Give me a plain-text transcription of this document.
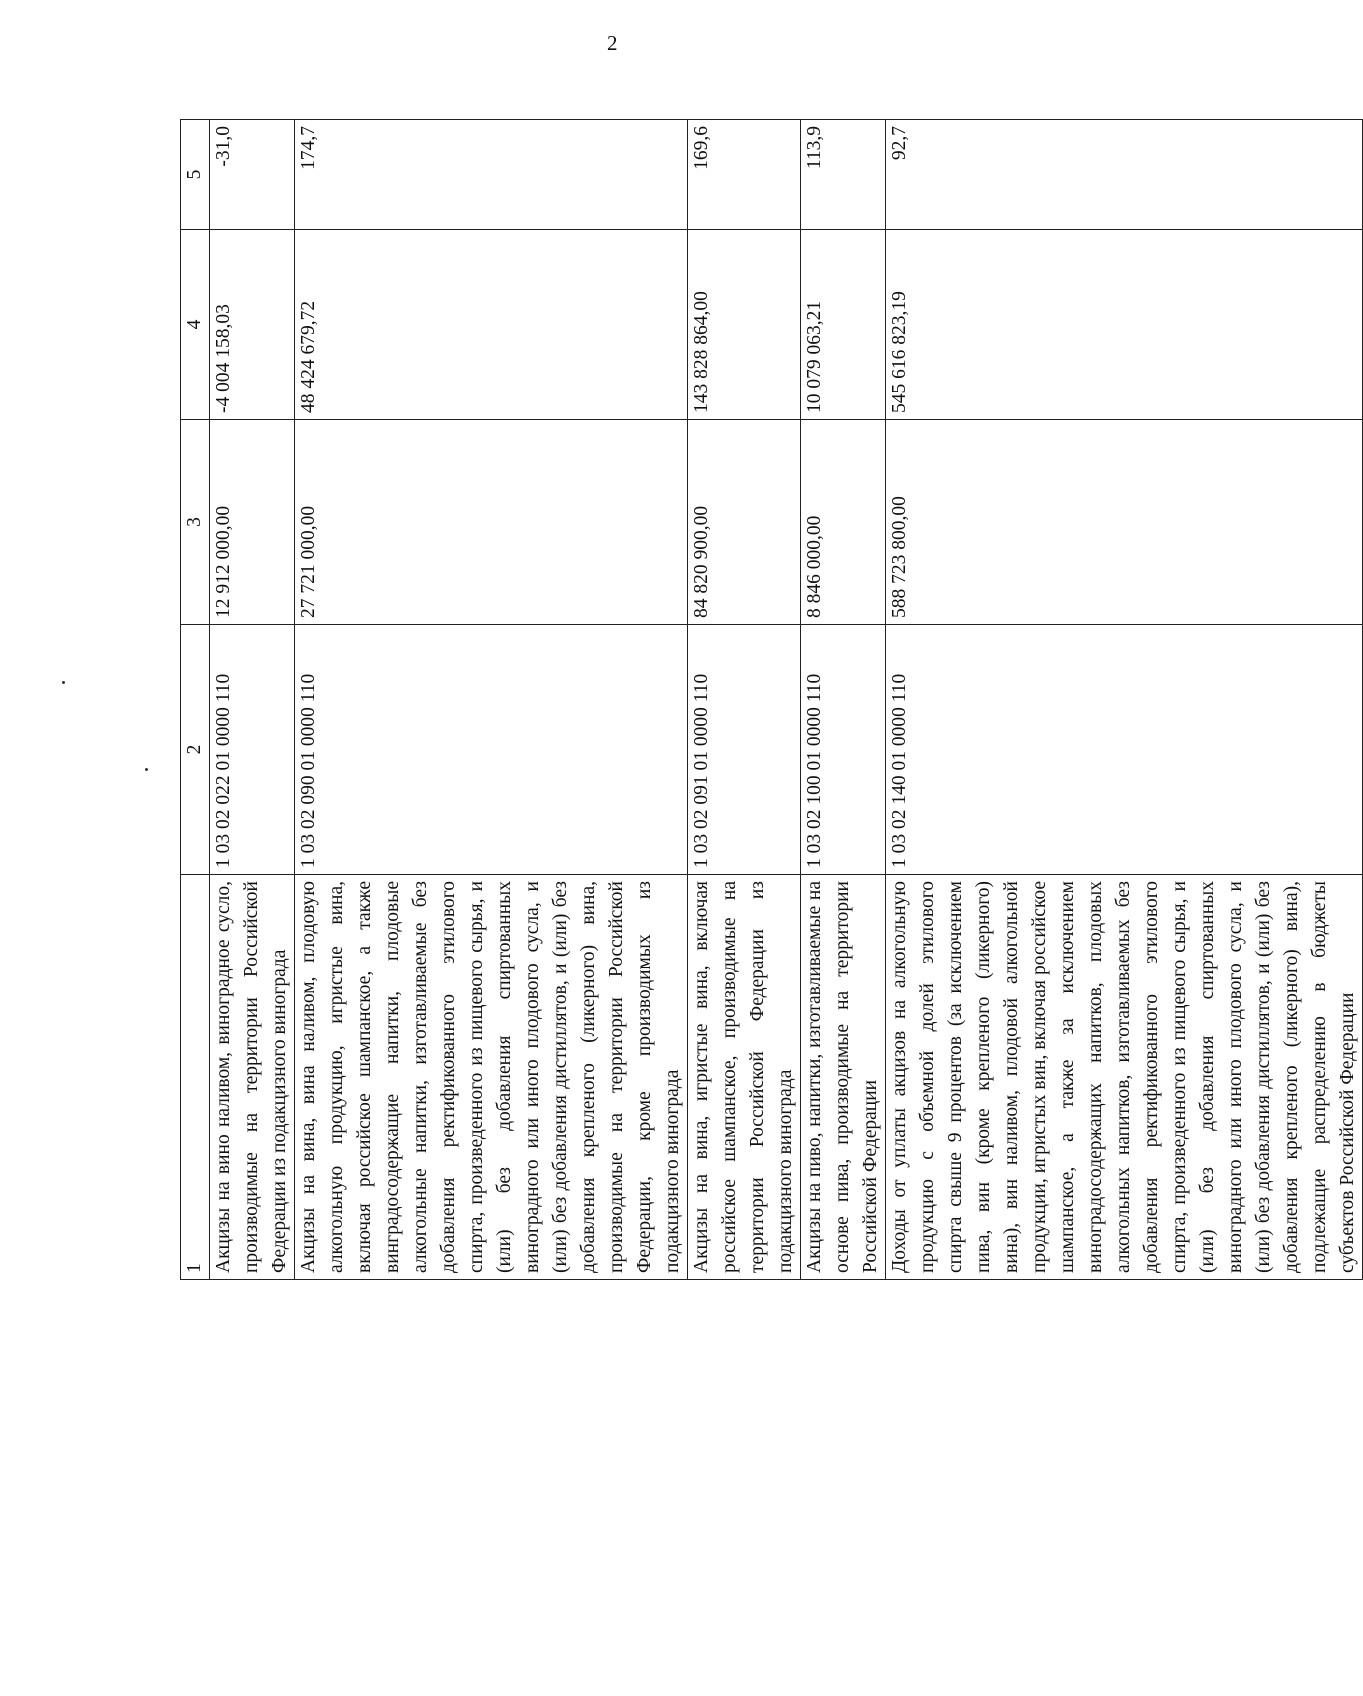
2
1	2	3	4	5
Акцизы на вино наливом, виноградное сусло, производимые на территории Российской Федерации из подакцизного винограда	1 03 02 022 01 0000 110	12 912 000,00	-4 004 158,03	-31,0
Акцизы на вина, вина наливом, плодовую алкогольную продукцию, игристые вина, включая российское шампанское, а также винградосодержащие напитки, плодовые алкогольные напитки, изготавливаемые без добавления ректификованного этилового спирта, произведенного из пищевого сырья, и (или) без добавления спиртованных виноградного или иного плодового сусла, и (или) без добавления дистиллятов, и (или) без добавления крепленого (ликерного) вина, производимые на территории Российской Федерации, кроме производимых из подакцизного винограда	1 03 02 090 01 0000 110	27 721 000,00	48 424 679,72	174,7
Акцизы на вина, игристые вина, включая российское шампанское, производимые на территории Российской Федерации из подакцизного винограда	1 03 02 091 01 0000 110	84 820 900,00	143 828 864,00	169,6
Акцизы на пиво, напитки, изготавливаемые на основе пива, производимые на территории Российской Федерации	1 03 02 100 01 0000 110	8 846 000,00	10 079 063,21	113,9
Доходы от уплаты акцизов на алкогольную продукцию с объемной долей этилового спирта свыше 9 процентов (за исключением пива, вин (кроме крепленого (ликерного) вина), вин наливом, плодовой алкогольной продукции, игристых вин, включая российское шампанское, а также за исключением виноградосодержащих напитков, плодовых алкогольных напитков, изготавливаемых без добавления ректификованного этилового спирта, произведенного из пищевого сырья, и (или) без добавления спиртованных виноградного или иного плодового сусла, и (или) без добавления дистиллятов, и (или) без добавления крепленого (ликерного) вина), подлежащие распределению в бюджеты субъектов Российской Федерации	1 03 02 140 01 0000 110	588 723 800,00	545 616 823,19	92,7
